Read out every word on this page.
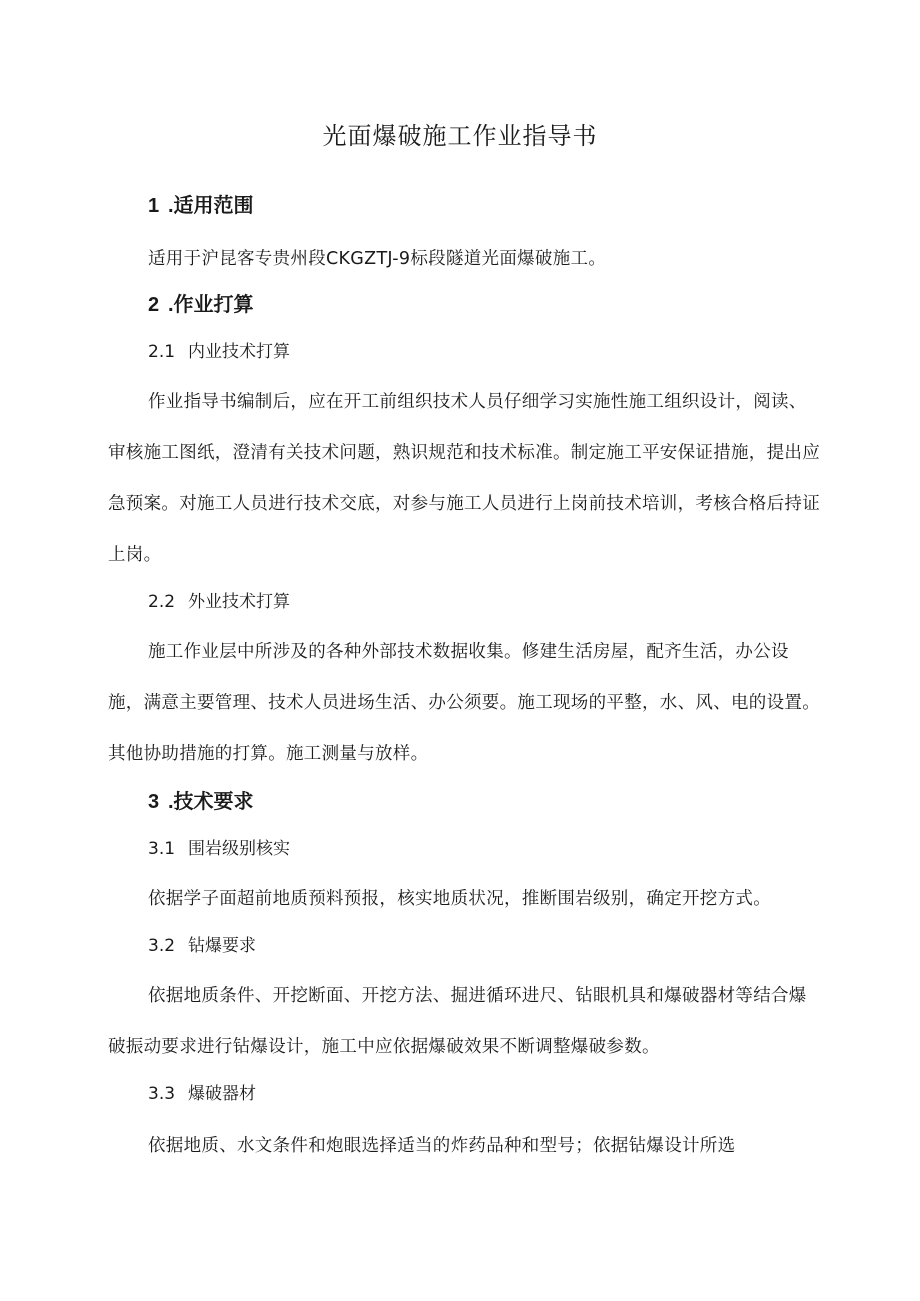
光面爆破施工作业指导书
1 .适用范围
适用于沪昆客专贵州段CKGZTJ-9标段隧道光面爆破施工。
2 .作业打算
2.1 内业技术打算
作业指导书编制后，应在开工前组织技术人员仔细学习实施性施工组织设计，阅读、审核施工图纸，澄清有关技术问题，熟识规范和技术标准。制定施工平安保证措施，提出应急预案。对施工人员进行技术交底，对参与施工人员进行上岗前技术培训，考核合格后持证上岗。
2.2 外业技术打算
施工作业层中所涉及的各种外部技术数据收集。修建生活房屋，配齐生活，办公设施，满意主要管理、技术人员进场生活、办公须要。施工现场的平整，水、风、电的设置。其他协助措施的打算。施工测量与放样。
3 .技术要求
3.1 围岩级别核实
依据学子面超前地质预料预报，核实地质状况，推断围岩级别，确定开挖方式。
3.2 钻爆要求
依据地质条件、开挖断面、开挖方法、掘进循环进尺、钻眼机具和爆破器材等结合爆破振动要求进行钻爆设计，施工中应依据爆破效果不断调整爆破参数。
3.3 爆破器材
依据地质、水文条件和炮眼选择适当的炸药品种和型号；依据钻爆设计所选
